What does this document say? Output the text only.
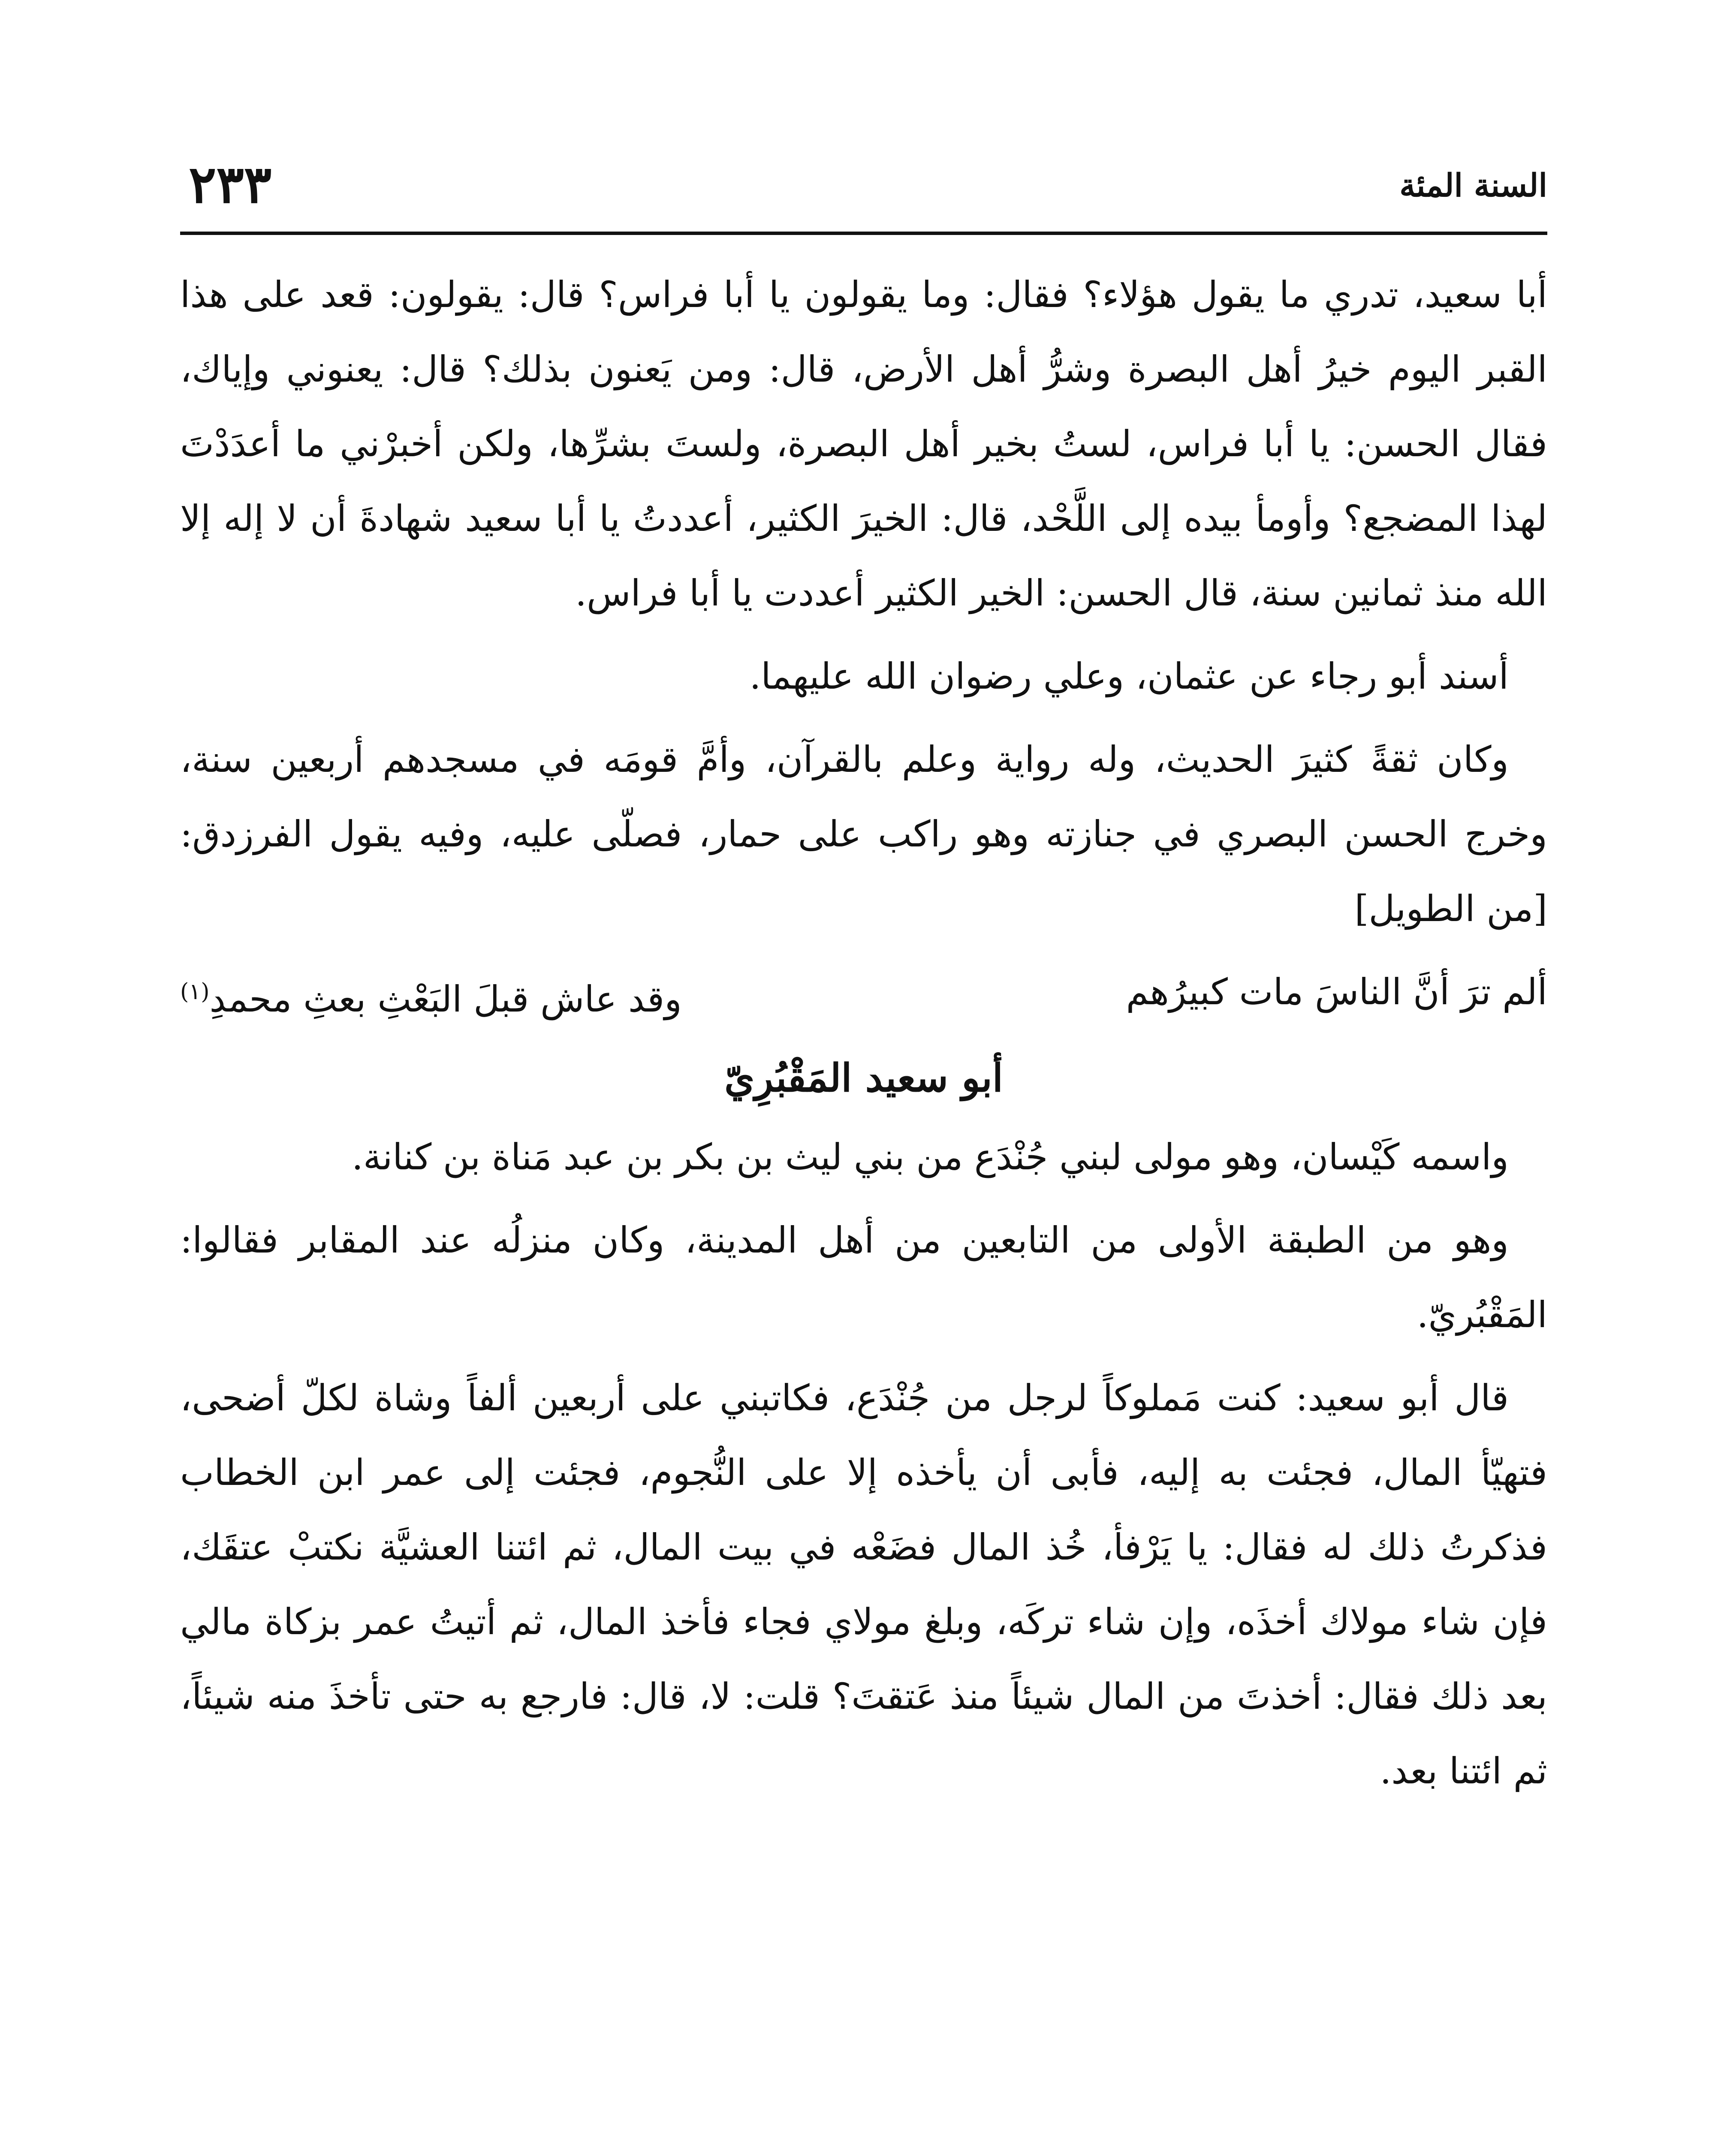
السنة المئة
٢٣٣

أبا سعيد، تدري ما يقول هؤلاء؟ فقال: وما يقولون يا أبا فراس؟ قال: يقولون: قعد على هذا القبر اليوم خيرُ أهل البصرة وشرُّ أهل الأرض، قال: ومن يَعنون بذلك؟ قال: يعنوني وإياك، فقال الحسن: يا أبا فراس، لستُ بخير أهل البصرة، ولستَ بشرِّها، ولكن أخبرْني ما أعدَدْتَ لهذا المضجع؟ وأومأ بيده إلى اللَّحْد، قال: الخيرَ الكثير، أعددتُ يا أبا سعيد شهادةَ أن لا إله إلا الله منذ ثمانين سنة، قال الحسن: الخير الكثير أعددت يا أبا فراس.

أسند أبو رجاء عن عثمان، وعلي رضوان الله عليهما.

وكان ثقةً كثيرَ الحديث، وله رواية وعلم بالقرآن، وأمَّ قومَه في مسجدهم أربعين سنة، وخرج الحسن البصري في جنازته وهو راكب على حمار، فصلّى عليه، وفيه يقول الفرزدق: [من الطويل]

ألم ترَ أنَّ الناسَ مات كبيرُهم
وقد عاش قبلَ البَعْثِ بعثِ محمدِ$^{(١)}$
أبو سعيد المَقْبُرِيّ

واسمه كَيْسان، وهو مولى لبني جُنْدَع من بني ليث بن بكر بن عبد مَناة بن كنانة.

وهو من الطبقة الأولى من التابعين من أهل المدينة، وكان منزلُه عند المقابر فقالوا: المَقْبُريّ.

قال أبو سعيد: كنت مَملوكاً لرجل من جُنْدَع، فكاتبني على أربعين ألفاً وشاة لكلّ أضحى، فتهيّأ المال، فجئت به إليه، فأبى أن يأخذه إلا على النُّجوم، فجئت إلى عمر ابن الخطاب فذكرتُ ذلك له فقال: يا يَرْفأ، خُذ المال فضَعْه في بيت المال، ثم ائتنا العشيَّة نكتبْ عتقَك، فإن شاء مولاك أخذَه، وإن شاء تركَه، وبلغ مولاي فجاء فأخذ المال، ثم أتيتُ عمر بزكاة مالي بعد ذلك فقال: أخذتَ من المال شيئاً منذ عَتقتَ؟ قلت: لا، قال: فارجع به حتى تأخذَ منه شيئاً، ثم ائتنا بعد.
